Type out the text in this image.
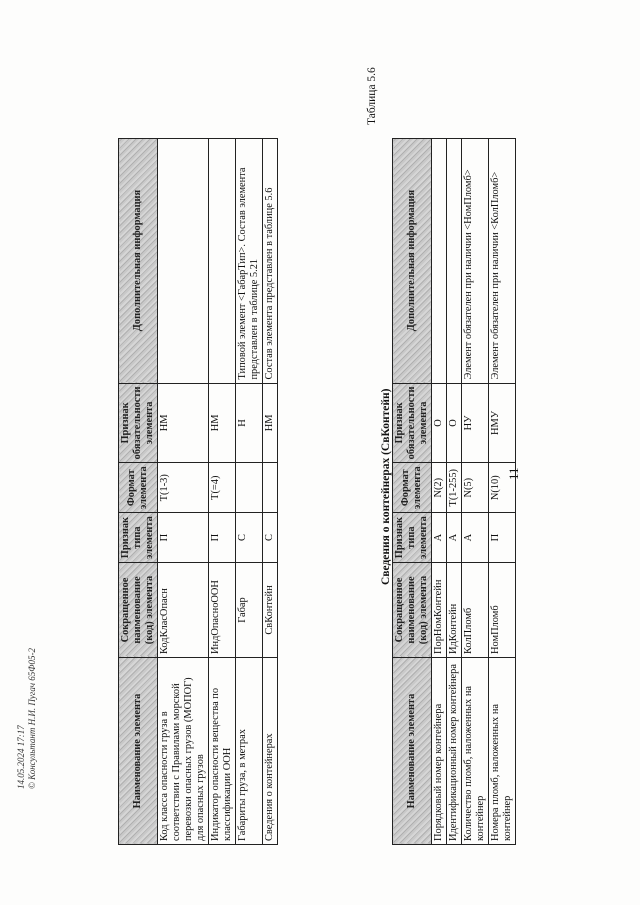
11
14.05.2024 17:17 © Консультант Н.И. Пугач 65Ф05-2	Наименование элемента	Сокращенное наименование (код) элемента	Признак типа элемента	Формат элемента	Признак обязательности элемента	Дополнительная информация
Код класса опасности груза в соответствии с Правилами морской перевозки опасных грузов (МОПОГ) для опасных грузов	КодКласОпасн	П	T(1-3)	НМ	
Индикатор опасности вещества по классификации ООН	ИндОпасноООН	П	T(=4)	НМ	
Габариты груза, в метрах	Габар	С		Н	Типовой элемент <ГабарТип>. Состав элемента представлен в таблице 5.21
Сведения о контейнерах	СвКонтейн	С		НМ	Состав элемента представлен в таблице 5.6
Таблица 5.6
Сведения о контейнерах (СвКонтейн)
Наименование элемента	Сокращенное наименование (код) элемента	Признак типа элемента	Формат элемента	Признак обязательности элемента	Дополнительная информация
Порядковый номер контейнера	ПорНомКонтейн	А	N(2)	О	
Идентификационный номер контейнера	ИдКонтейн	А	T(1-255)	О	
Количество пломб, наложенных на контейнер	КолПломб	А	N(5)	НУ	Элемент обязателен при наличии <НомПломб>
Номера пломб, наложенных на контейнер	НомПломб	П	N(10)	НМУ	Элемент обязателен при наличии <КолПломб>
